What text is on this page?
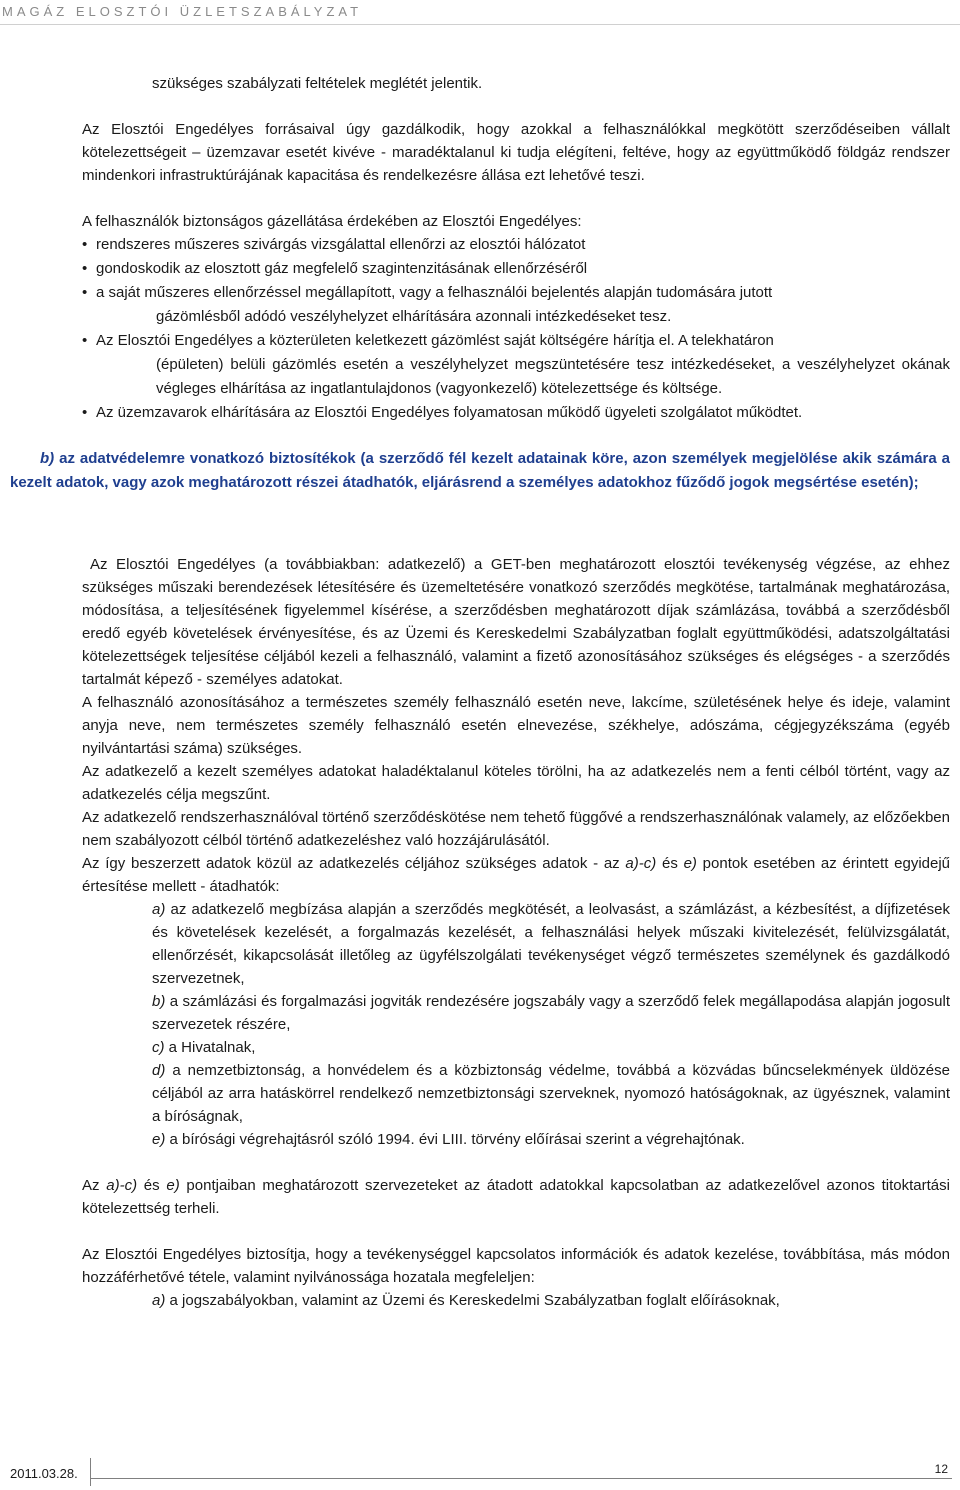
MAGÁZ ELOSZTÓI ÜZLETSZABÁLYZAT

szükséges szabályzati feltételek meglétét jelentik.

Az Elosztói Engedélyes forrásaival úgy gazdálkodik, hogy azokkal a felhasználókkal megkötött szerződéseiben vállalt kötelezettségeit – üzemzavar esetét kivéve - maradéktalanul ki tudja elégíteni, feltéve, hogy az együttműködő földgáz rendszer mindenkori infrastruktúrájának kapacitása és rendelkezésre állása ezt lehetővé teszi.

A felhasználók biztonságos gázellátása érdekében az Elosztói Engedélyes:

• rendszeres műszeres szivárgás vizsgálattal ellenőrzi az elosztói hálózatot
• gondoskodik az elosztott gáz megfelelő szagintenzitásának ellenőrzéséről
• a saját műszeres ellenőrzéssel megállapított, vagy a felhasználói bejelentés alapján tudomására jutott
gázömlésből adódó veszélyhelyzet elhárítására azonnali intézkedéseket tesz.
• Az Elosztói Engedélyes a közterületen keletkezett gázömlést saját költségére hárítja el. A telekhatáron
(épületen) belüli gázömlés esetén a veszélyhelyzet megszüntetésére tesz intézkedéseket, a veszélyhelyzet okának végleges elhárítása az ingatlantulajdonos (vagyonkezelő) kötelezettsége és költsége.
• Az üzemzavarok elhárítására az Elosztói Engedélyes folyamatosan működő ügyeleti szolgálatot működtet.

b) az adatvédelemre vonatkozó biztosítékok (a szerződő fél kezelt adatainak köre, azon személyek megjelölése akik számára a kezelt adatok, vagy azok meghatározott részei átadhatók, eljárásrend a személyes adatokhoz fűződő jogok megsértése esetén);

Az Elosztói Engedélyes (a továbbiakban: adatkezelő) a GET-ben meghatározott elosztói tevékenység végzése, az ehhez szükséges műszaki berendezések létesítésére és üzemeltetésére vonatkozó szerződés megkötése, tartalmának meghatározása, módosítása, a teljesítésének figyelemmel kísérése, a szerződésben meghatározott díjak számlázása, továbbá a szerződésből eredő egyéb követelések érvényesítése, és az Üzemi és Kereskedelmi Szabályzatban foglalt együttműködési, adatszolgáltatási kötelezettségek teljesítése céljából kezeli a felhasználó, valamint a fizető azonosításához szükséges és elégséges - a szerződés tartalmát képező - személyes adatokat.

A felhasználó azonosításához a természetes személy felhasználó esetén neve, lakcíme, születésének helye és ideje, valamint anyja neve, nem természetes személy felhasználó esetén elnevezése, székhelye, adószáma, cégjegyzékszáma (egyéb nyilvántartási száma) szükséges.

Az adatkezelő a kezelt személyes adatokat haladéktalanul köteles törölni, ha az adatkezelés nem a fenti célból történt, vagy az adatkezelés célja megszűnt.

Az adatkezelő rendszerhasználóval történő szerződéskötése nem tehető függővé a rendszerhasználónak valamely, az előzőekben nem szabályozott célból történő adatkezeléshez való hozzájárulásától.

Az így beszerzett adatok közül az adatkezelés céljához szükséges adatok - az a)-c) és e) pontok esetében az érintett egyidejű értesítése mellett - átadhatók:

a) az adatkezelő megbízása alapján a szerződés megkötését, a leolvasást, a számlázást, a kézbesítést, a díjfizetések és követelések kezelését, a forgalmazás kezelését, a felhasználási helyek műszaki kivitelezését, felülvizsgálatát, ellenőrzését, kikapcsolását illetőleg az ügyfélszolgálati tevékenységet végző természetes személynek és gazdálkodó szervezetnek,

b) a számlázási és forgalmazási jogviták rendezésére jogszabály vagy a szerződő felek megállapodása alapján jogosult szervezetek részére,

c) a Hivatalnak,

d) a nemzetbiztonság, a honvédelem és a közbiztonság védelme, továbbá a közvádas bűncselekmények üldözése céljából az arra hatáskörrel rendelkező nemzetbiztonsági szerveknek, nyomozó hatóságoknak, az ügyésznek, valamint a bíróságnak,

e) a bírósági végrehajtásról szóló 1994. évi LIII. törvény előírásai szerint a végrehajtónak.

Az a)-c) és e) pontjaiban meghatározott szervezeteket az átadott adatokkal kapcsolatban az adatkezelővel azonos titoktartási kötelezettség terheli.

Az Elosztói Engedélyes biztosítja, hogy a tevékenységgel kapcsolatos információk és adatok kezelése, továbbítása, más módon hozzáférhetővé tétele, valamint nyilvánossága hozatala megfeleljen:

a) a jogszabályokban, valamint az Üzemi és Kereskedelmi Szabályzatban foglalt előírásoknak,

2011.03.28.	12
